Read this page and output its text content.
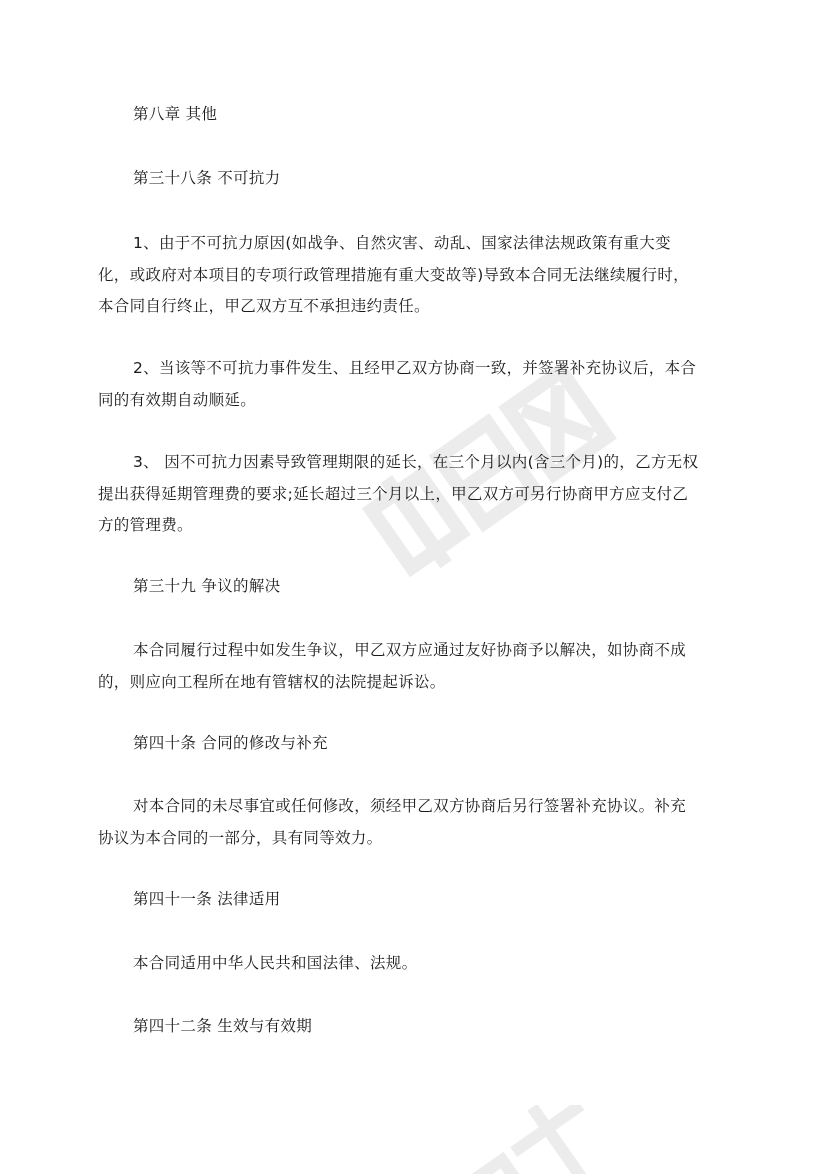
第八章 其他

第三十八条 不可抗力

1、由于不可抗力原因(如战争、自然灾害、动乱、国家法律法规政策有重大变

化，或政府对本项目的专项行政管理措施有重大变故等)导致本合同无法继续履行时，

本合同自行终止，甲乙双方互不承担违约责任。

2、当该等不可抗力事件发生、且经甲乙双方协商一致，并签署补充协议后，本合

同的有效期自动顺延。

3、 因不可抗力因素导致管理期限的延长，在三个月以内(含三个月)的，乙方无权

提出获得延期管理费的要求;延长超过三个月以上，甲乙双方可另行协商甲方应支付乙

方的管理费。

第三十九 争议的解决

本合同履行过程中如发生争议，甲乙双方应通过友好协商予以解决，如协商不成

的，则应向工程所在地有管辖权的法院提起诉讼。

第四十条 合同的修改与补充

对本合同的未尽事宜或任何修改，须经甲乙双方协商后另行签署补充协议。补充

协议为本合同的一部分，具有同等效力。

第四十一条 法律适用

本合同适用中华人民共和国法律、法规。

第四十二条 生效与有效期
